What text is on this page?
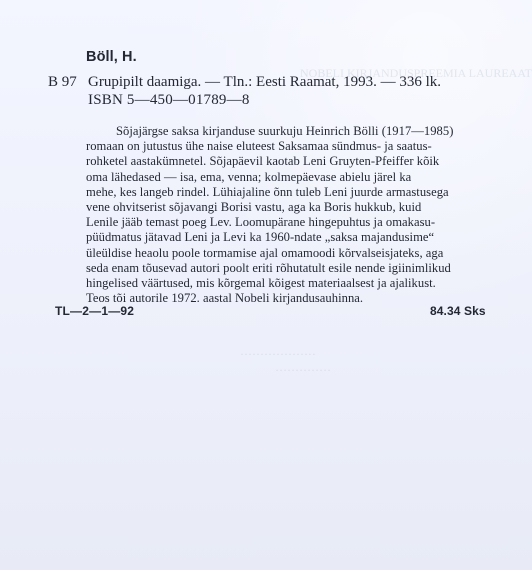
NOBELI KIRJANDUSPREEMIA LAUREAAT
···················
··············
Böll, H.
B 97 Grupipilt daamiga. — Tln.: Eesti Raamat, 1993. — 336 lk.
ISBN 5—450—01789—8
Sõjajärgse saksa kirjanduse suurkuju Heinrich Bölli (1917—1985)
romaan on jutustus ühe naise eluteest Saksamaa sündmus- ja saatus-
rohketel aastakümnetel. Sõjapäevil kaotab Leni Gruyten-Pfeiffer kõik
oma lähedased — isa, ema, venna; kolmepäevase abielu järel ka
mehe, kes langeb rindel. Lühiajaline õnn tuleb Leni juurde armastusega
vene ohvitserist sõjavangi Borisi vastu, aga ka Boris hukkub, kuid
Lenile jääb temast poeg Lev. Loomupärane hingepuhtus ja omakasu-
püüdmatus jätavad Leni ja Levi ka 1960-ndate „saksa majandusime“
üleüldise heaolu poole tormamise ajal omamoodi kõrvalseisjateks, aga
seda enam tõusevad autori poolt eriti rõhutatult esile nende igiinimlikud
hingelised väärtused, mis kõrgemal kõigest materiaalsest ja ajalikust.
Teos tõi autorile 1972. aastal Nobeli kirjandusauhinna.
TL—2—1—92	84.34 Sks
